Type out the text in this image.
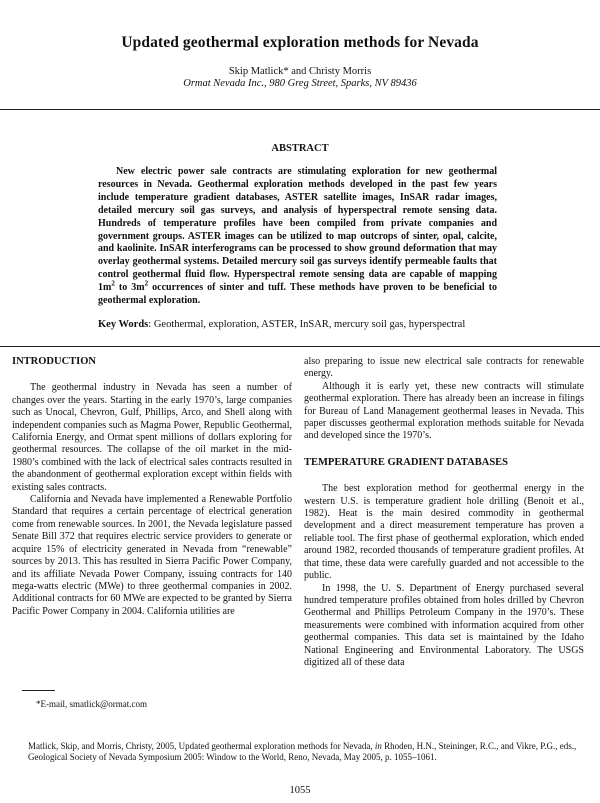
Updated geothermal exploration methods for Nevada
Skip Matlick* and Christy Morris
Ormat Nevada Inc., 980 Greg Street, Sparks, NV 89436
ABSTRACT

New electric power sale contracts are stimulating exploration for new geothermal resources in Nevada. Geothermal exploration methods developed in the past few years include temperature gradient databases, ASTER satellite images, InSAR radar images, detailed mercury soil gas surveys, and analysis of hyperspectral remote sensing data. Hundreds of temperature profiles have been compiled from private companies and government groups. ASTER images can be utilized to map outcrops of sinter, opal, calcite, and kaolinite. InSAR interferograms can be processed to show ground deformation that may overlay geothermal systems. Detailed mercury soil gas surveys identify permeable faults that control geothermal fluid flow. Hyperspectral remote sensing data are capable of mapping $1m^2$ to $3m^2$ occurrences of sinter and tuff. These methods have proven to be beneficial to geothermal exploration.

Key Words: Geothermal, exploration, ASTER, InSAR, mercury soil gas, hyperspectral

INTRODUCTION

The geothermal industry in Nevada has seen a number of changes over the years. Starting in the early 1970’s, large companies such as Unocal, Chevron, Gulf, Phillips, Arco, and Shell along with independent companies such as Magma Power, Republic Geothermal, California Energy, and Ormat spent millions of dollars exploring for geothermal resources. The collapse of the oil market in the mid-1980’s combined with the lack of electrical sales contracts resulted in the abandonment of geothermal exploration except within fields with existing sales contracts.

California and Nevada have implemented a Renewable Portfolio Standard that requires a certain percentage of electrical generation come from renewable sources. In 2001, the Nevada legislature passed Senate Bill 372 that requires electric service providers to generate or acquire 15% of electricity generated in Nevada from “renewable” sources by 2013. This has resulted in Sierra Pacific Power Company, and its affiliate Nevada Power Company, issuing contracts for 140 mega-watts electric (MWe) to three geothermal companies in 2002. Additional contracts for 60 MWe are expected to be granted by Sierra Pacific Power Company in 2004. California utilities are

also preparing to issue new electrical sale contracts for renewable energy.

Although it is early yet, these new contracts will stimulate geothermal exploration. There has already been an increase in filings for Bureau of Land Management geothermal leases in Nevada. This paper discusses geothermal exploration methods suitable for Nevada and developed since the 1970’s.

TEMPERATURE GRADIENT DATABASES

The best exploration method for geothermal energy in the western U.S. is temperature gradient hole drilling (Benoit et al., 1982). Heat is the main desired commodity in geothermal development and a direct measurement temperature has proven a reliable tool. The first phase of geothermal exploration, which ended around 1982, recorded thousands of temperature gradient profiles. At that time, these data were carefully guarded and not accessible to the public.

In 1998, the U. S. Department of Energy purchased several hundred temperature profiles obtained from holes drilled by Chevron Geothermal and Phillips Petroleum Company in the 1970’s. These measurements were combined with information acquired from other geothermal companies. This data set is maintained by the Idaho National Engineering and Environmental Laboratory. The USGS digitized all of these data

*E-mail, smatlick@ormat.com

Matlick, Skip, and Morris, Christy, 2005, Updated geothermal exploration methods for Nevada, in Rhoden, H.N., Steininger, R.C., and Vikre, P.G., eds., Geological Society of Nevada Symposium 2005: Window to the World, Reno, Nevada, May 2005, p. 1055–1061.

1055
